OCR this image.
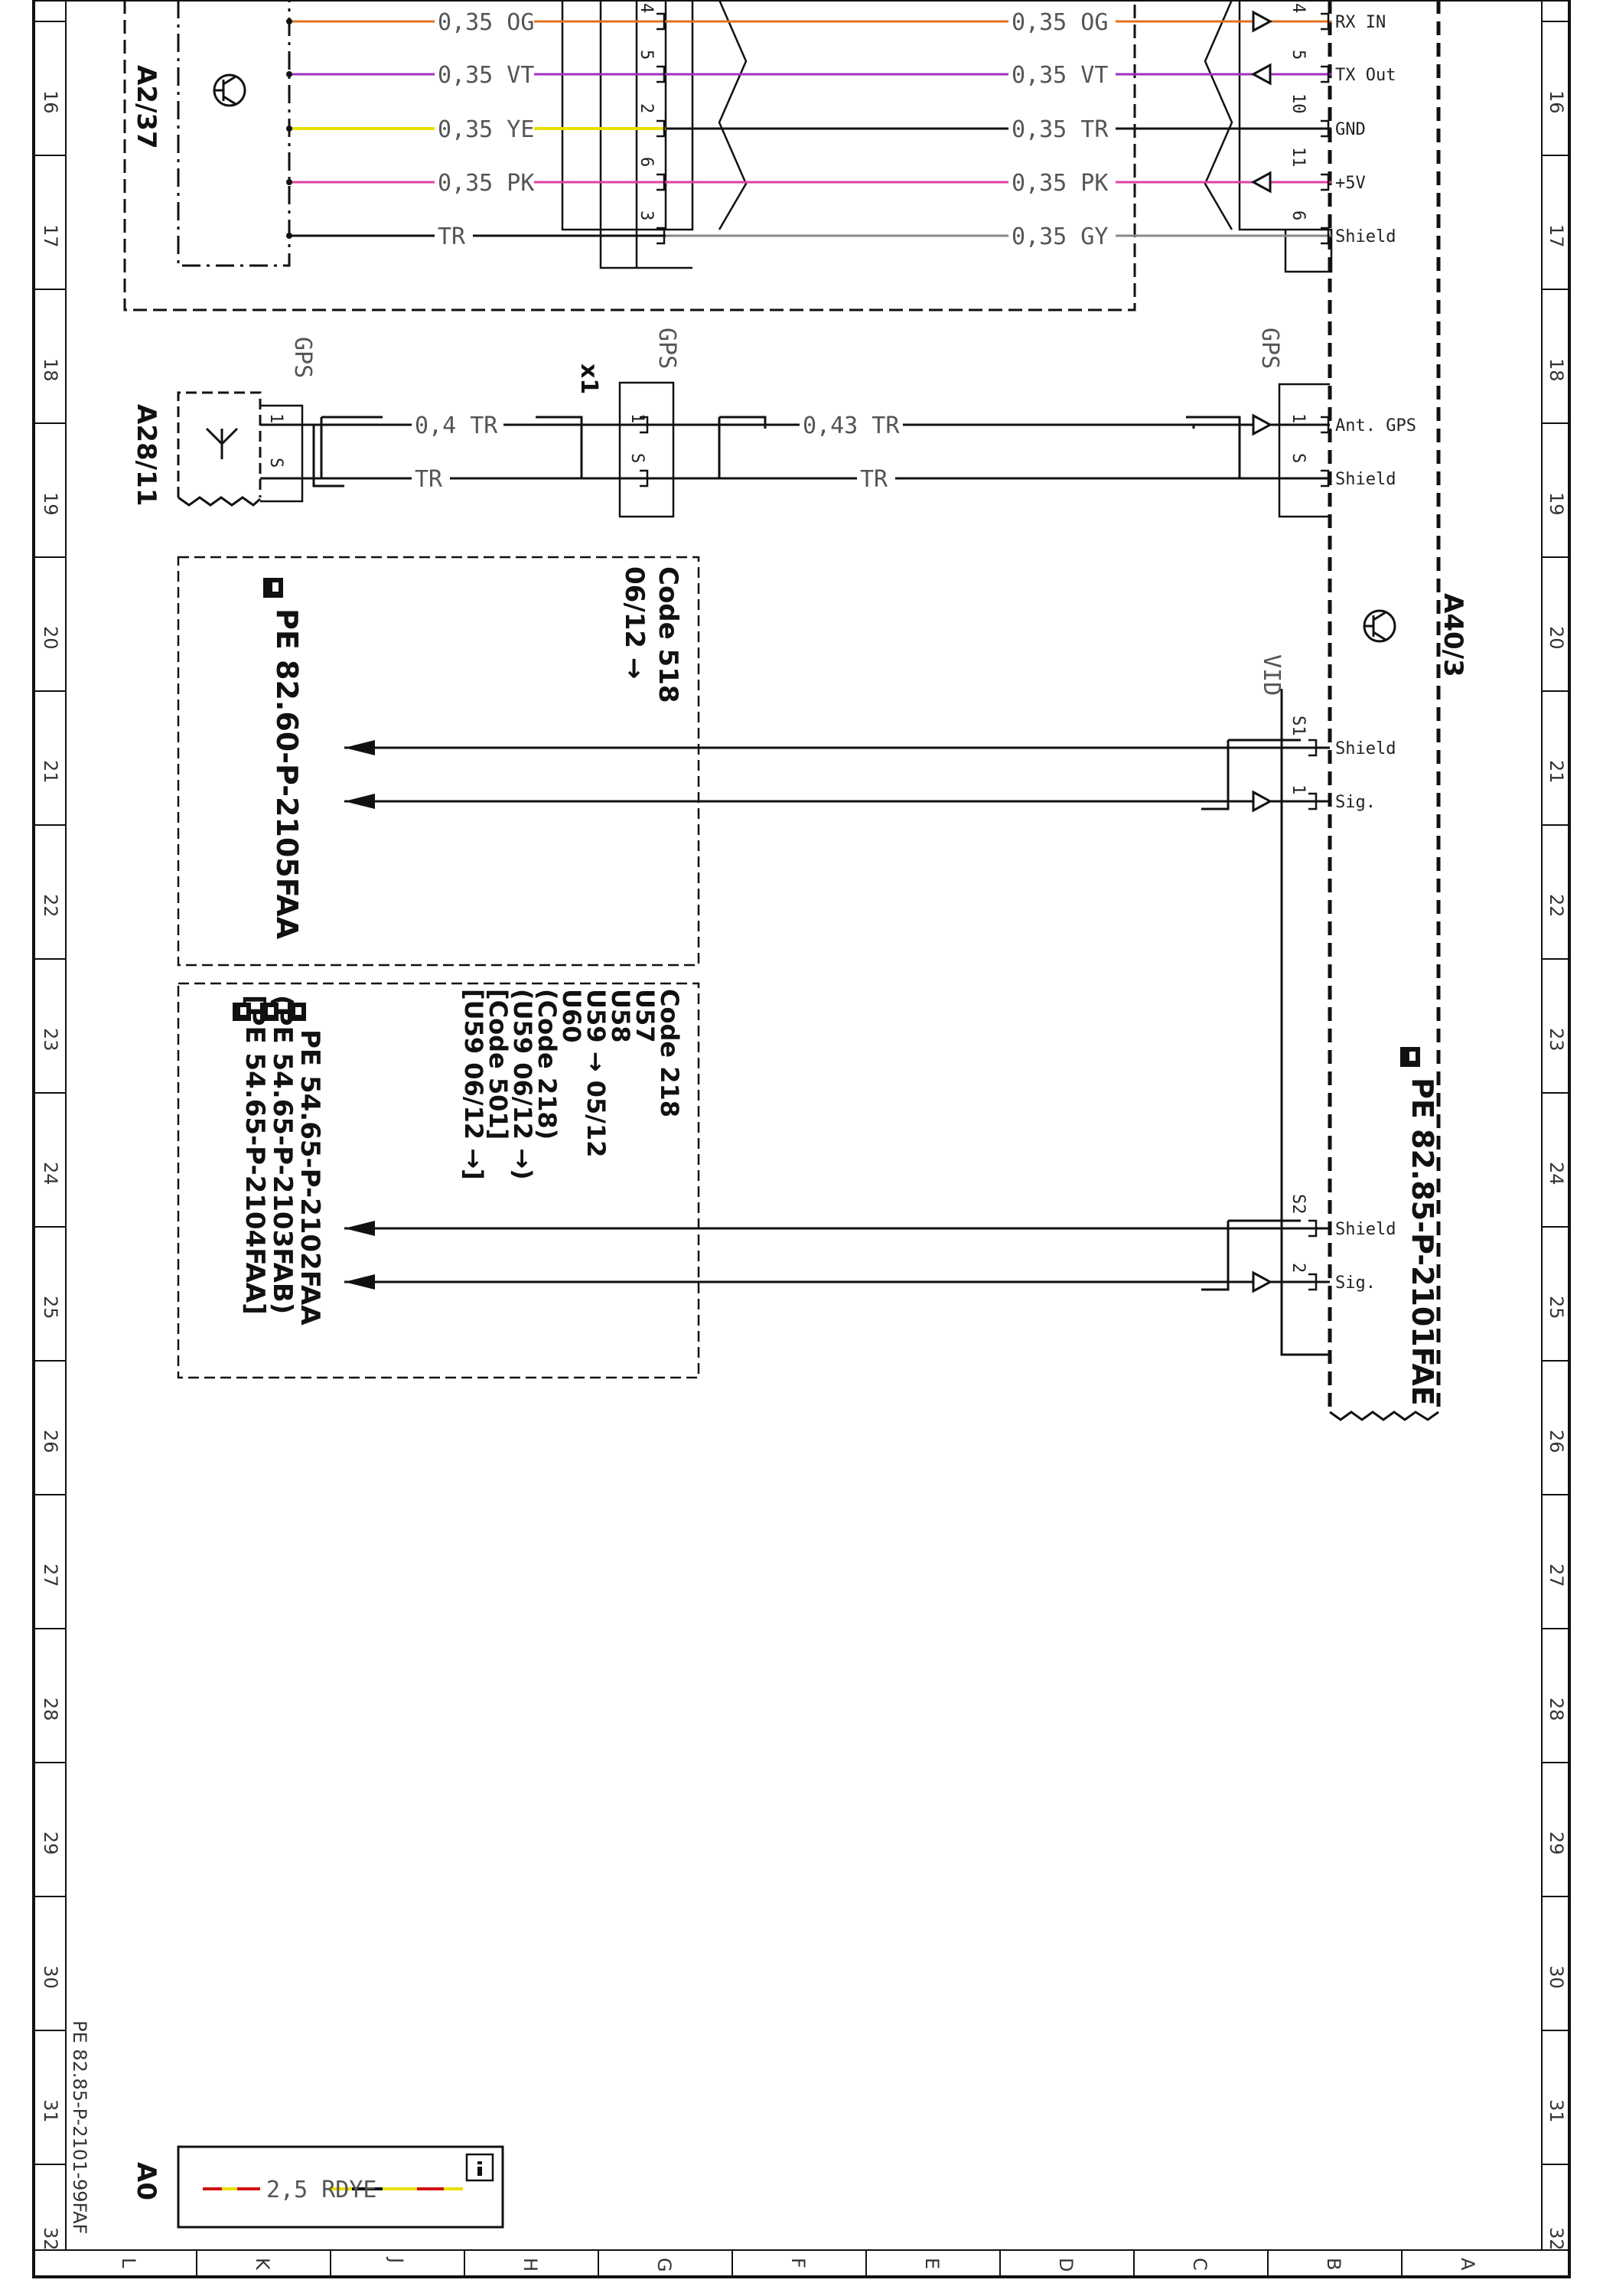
16
17
18
19
20
21
22
23
24
25
26
27
28
29
30
31
32
16
17
18
19
20
21
22
23
24
25
26
27
28
29
30
31
32
L	K	J	H	G	F	E	D	C	B	A
A2/37
A40/3
0,35 OG
0,35 VT
0,35 YE
0,35 PK
TR
0,35 OG
0,35 VT
0,35 TR
0,35 PK
0,35 GY
4
5
2
6
3
4
5
10
11
6
RX IN
TX Out
GND
+5V
Shield
A28/11
GPS
1
S
x1
GPS
1
S
GPS
1
S
0,4 TR
TR
0,43 TR
TR
Ant. GPS
Shield
Code 518
06/12 →
PE 82.60-P-2105FAA	VID
S1
1
S2
2
Shield
Sig.
Shield
Sig.
Code 218
U57
U58
U59 → 05/12
U60
(Code 218)
(U59 06/12 →)
[Code 501]
[U59 06/12 →]
PE 54.65-P-2102FAA
(PE 54.65-P-2103FAB)
[PE 54.65-P-2104FAA]	PE 82.85-P-2101FAE
PE 82.85-P-2101-99FAF A0	2,5 RDYE
